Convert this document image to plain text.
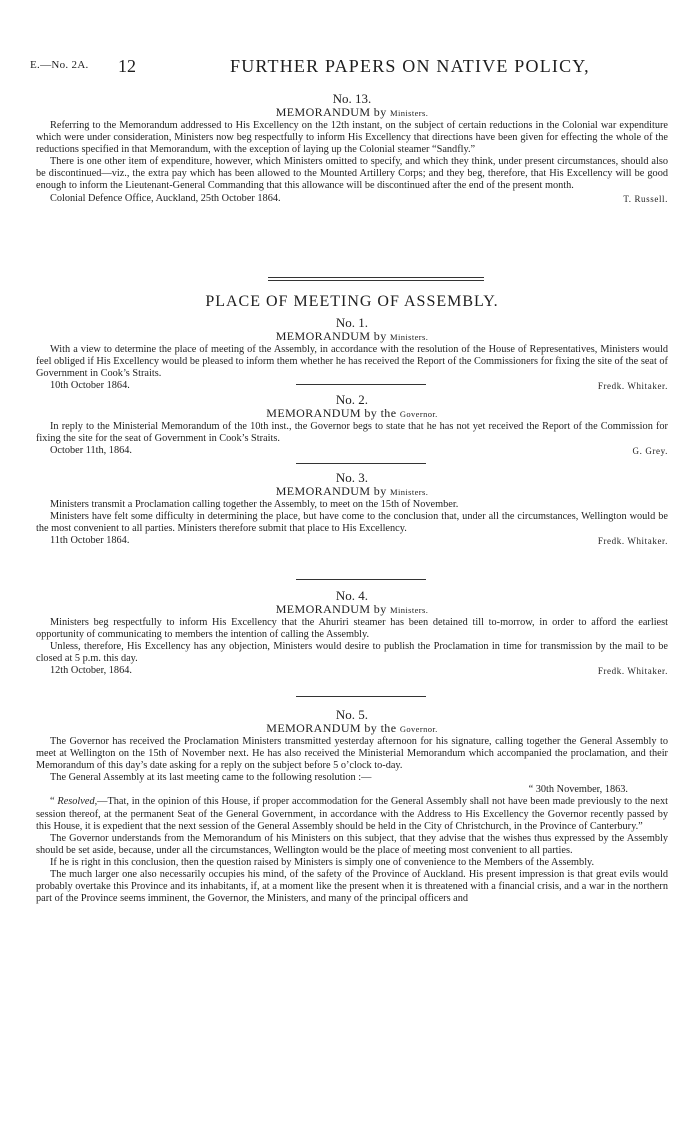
E.—No. 2A. 12	FURTHER PAPERS ON NATIVE POLICY,
No. 13.
MEMORANDUM by Ministers.

Referring to the Memorandum addressed to His Excellency on the 12th instant, on the subject of certain reductions in the Colonial war expenditure which were under consideration, Ministers now beg respectfully to inform His Excellency that directions have been given for effecting the whole of the reductions specified in that Memorandum, with the exception of laying up the Colonial steamer “Sandfly.”

There is one other item of expenditure, however, which Ministers omitted to specify, and which they think, under present circumstances, should also be discontinued—viz., the extra pay which has been allowed to the Mounted Artillery Corps; and they beg, therefore, that His Excellency will be good enough to inform the Lieutenant-General Commanding that this allowance will be discontinued after the end of the present month.

Colonial Defence Office, Auckland, 25th October 1864.	T. Russell.
PLACE OF MEETING OF ASSEMBLY.
No. 1.
MEMORANDUM by Ministers.

With a view to determine the place of meeting of the Assembly, in accordance with the resolution of the House of Representatives, Ministers would feel obliged if His Excellency would be pleased to inform them whether he has received the Report of the Commissioners for fixing the site of the seat of Government in Cook’s Straits.

10th October 1864.	Fredk. Whitaker.
No. 2.
MEMORANDUM by the Governor.

In reply to the Ministerial Memorandum of the 10th inst., the Governor begs to state that he has not yet received the Report of the Commission for fixing the site for the seat of Government in Cook’s Straits.

October 11th, 1864.	G. Grey.
No. 3.
MEMORANDUM by Ministers.

Ministers transmit a Proclamation calling together the Assembly, to meet on the 15th of November.

Ministers have felt some difficulty in determining the place, but have come to the conclusion that, under all the circumstances, Wellington would be the most convenient to all parties. Ministers therefore submit that place to His Excellency.

11th October 1864.	Fredk. Whitaker.
No. 4.
MEMORANDUM by Ministers.

Ministers beg respectfully to inform His Excellency that the Ahuriri steamer has been detained till to-morrow, in order to afford the earliest opportunity of communicating to members the intention of calling the Assembly.

Unless, therefore, His Excellency has any objection, Ministers would desire to publish the Proclamation in time for transmission by the mail to be closed at 5 p.m. this day.

12th October, 1864.	Fredk. Whitaker.
No. 5.
MEMORANDUM by the Governor.

The Governor has received the Proclamation Ministers transmitted yesterday afternoon for his signature, calling together the General Assembly to meet at Wellington on the 15th of November next. He has also received the Ministerial Memorandum which accompanied the proclamation, and their Memorandum of this day’s date asking for a reply on the subject before 5 o’clock to-day.

The General Assembly at its last meeting came to the following resolution :—

“ 30th November, 1863.

“ Resolved,—That, in the opinion of this House, if proper accommodation for the General Assembly shall not have been made previously to the next session thereof, at the permanent Seat of the General Government, in accordance with the Address to His Excellency the Governor recently passed by this House, it is expedient that the next session of the General Assembly should be held in the City of Christchurch, in the Province of Canterbury.”

The Governor understands from the Memorandum of his Ministers on this subject, that they advise that the wishes thus expressed by the Assembly should be set aside, because, under all the circumstances, Wellington would be the place of meeting most convenient to all parties.

If he is right in this conclusion, then the question raised by Ministers is simply one of convenience to the Members of the Assembly.

The much larger one also necessarily occupies his mind, of the safety of the Province of Auckland. His present impression is that great evils would probably overtake this Province and its inhabitants, if, at a moment like the present when it is threatened with a financial crisis, and a war in the northern part of the Province seems imminent, the Governor, the Ministers, and many of the principal officers and
